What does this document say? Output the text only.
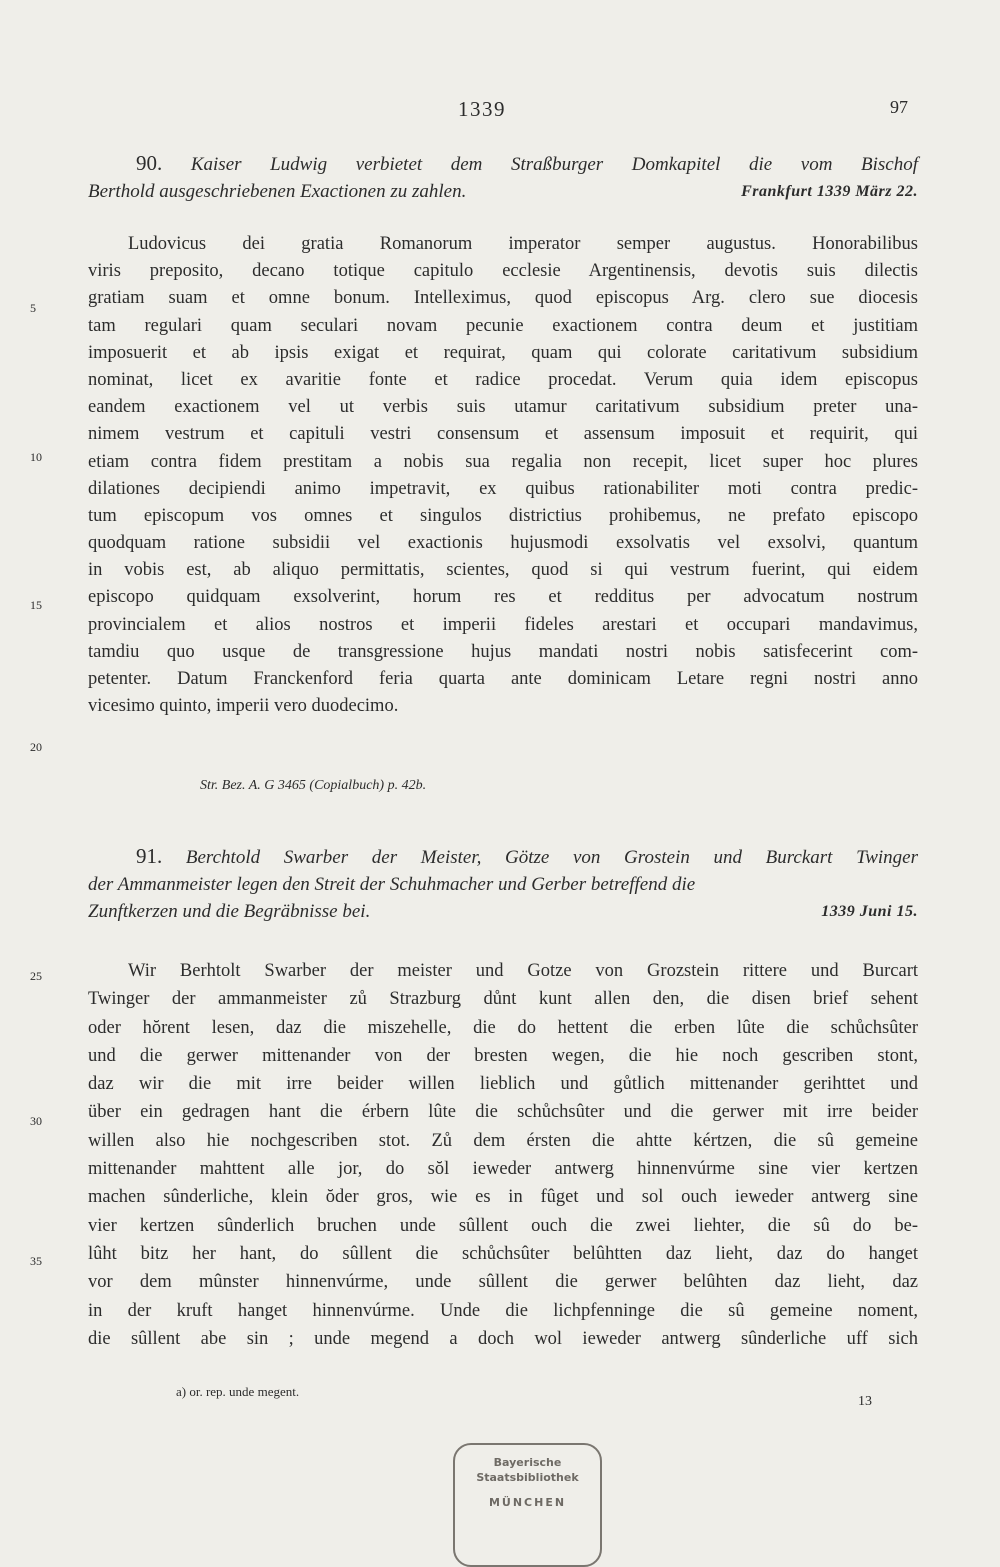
1339	97
90. Kaiser Ludwig verbietet dem Straßburger Domkapitel die vom Bischof
Berthold ausgeschriebenen Exactionen zu zahlen.	Frankfurt 1339 März 22.
Ludovicus dei gratia Romanorum imperator semper augustus. Honorabilibus
viris preposito, decano totique capitulo ecclesie Argentinensis, devotis suis dilectis
gratiam suam et omne bonum. Intelleximus, quod episcopus Arg. clero sue diocesis
tam regulari quam seculari novam pecunie exactionem contra deum et justitiam
imposuerit et ab ipsis exigat et requirat, quam qui colorate caritativum subsidium
nominat, licet ex avaritie fonte et radice procedat. Verum quia idem episcopus
eandem exactionem vel ut verbis suis utamur caritativum subsidium preter una-
nimem vestrum et capituli vestri consensum et assensum imposuit et requirit, qui
etiam contra fidem prestitam a nobis sua regalia non recepit, licet super hoc plures
dilationes decipiendi animo impetravit, ex quibus rationabiliter moti contra predic-
tum episcopum vos omnes et singulos districtius prohibemus, ne prefato episcopo
quodquam ratione subsidii vel exactionis hujusmodi exsolvatis vel exsolvi, quantum
in vobis est, ab aliquo permittatis, scientes, quod si qui vestrum fuerint, qui eidem
episcopo quidquam exsolverint, horum res et redditus per advocatum nostrum
provincialem et alios nostros et imperii fideles arestari et occupari mandavimus,
tamdiu quo usque de transgressione hujus mandati nostri nobis satisfecerint com-
petenter. Datum Franckenford feria quarta ante dominicam Letare regni nostri anno
vicesimo quinto, imperii vero duodecimo.
5
10
15
20
Str. Bez. A. G 3465 (Copialbuch) p. 42b.
91. Berchtold Swarber der Meister, Götze von Grostein und Burckart Twinger
der Ammanmeister legen den Streit der Schuhmacher und Gerber betreffend die
Zunftkerzen und die Begräbnisse bei.	1339 Juni 15.
Wir Berhtolt Swarber der meister und Gotze von Grozstein rittere und Burcart
Twinger der ammanmeister zů Strazburg důnt kunt allen den, die disen brief sehent
oder hŏrent lesen, daz die miszehelle, die do hettent die erben lûte die schůchsûter
und die gerwer mittenander von der bresten wegen, die hie noch gescriben stont,
daz wir die mit irre beider willen lieblich und gůtlich mittenander gerihttet und
über ein gedragen hant die érbern lûte die schůchsûter und die gerwer mit irre beider
willen also hie nochgescriben stot. Zů dem érsten die ahtte kértzen, die sû gemeine
mittenander mahttent alle jor, do sŏl ieweder antwerg hinnenvúrme sine vier kertzen
machen sûnderliche, klein ŏder gros, wie es in fûget und sol ouch ieweder antwerg sine
vier kertzen sûnderlich bruchen unde sûllent ouch die zwei liehter, die sû do be-
lûht bitz her hant, do sûllent die schůchsûter belûhtten daz lieht, daz do hanget
vor dem mûnster hinnenvúrme, unde sûllent die gerwer belûhten daz lieht, daz
in der kruft hanget hinnenvúrme. Unde die lichpfenninge die sû gemeine noment,
die sûllent abe sin ; unde megend a doch wol ieweder antwerg sûnderliche uff sich
25
30
35
a) or. rep. unde megent.
13
Bayerische
Staatsbibliothek
MÜNCHEN
